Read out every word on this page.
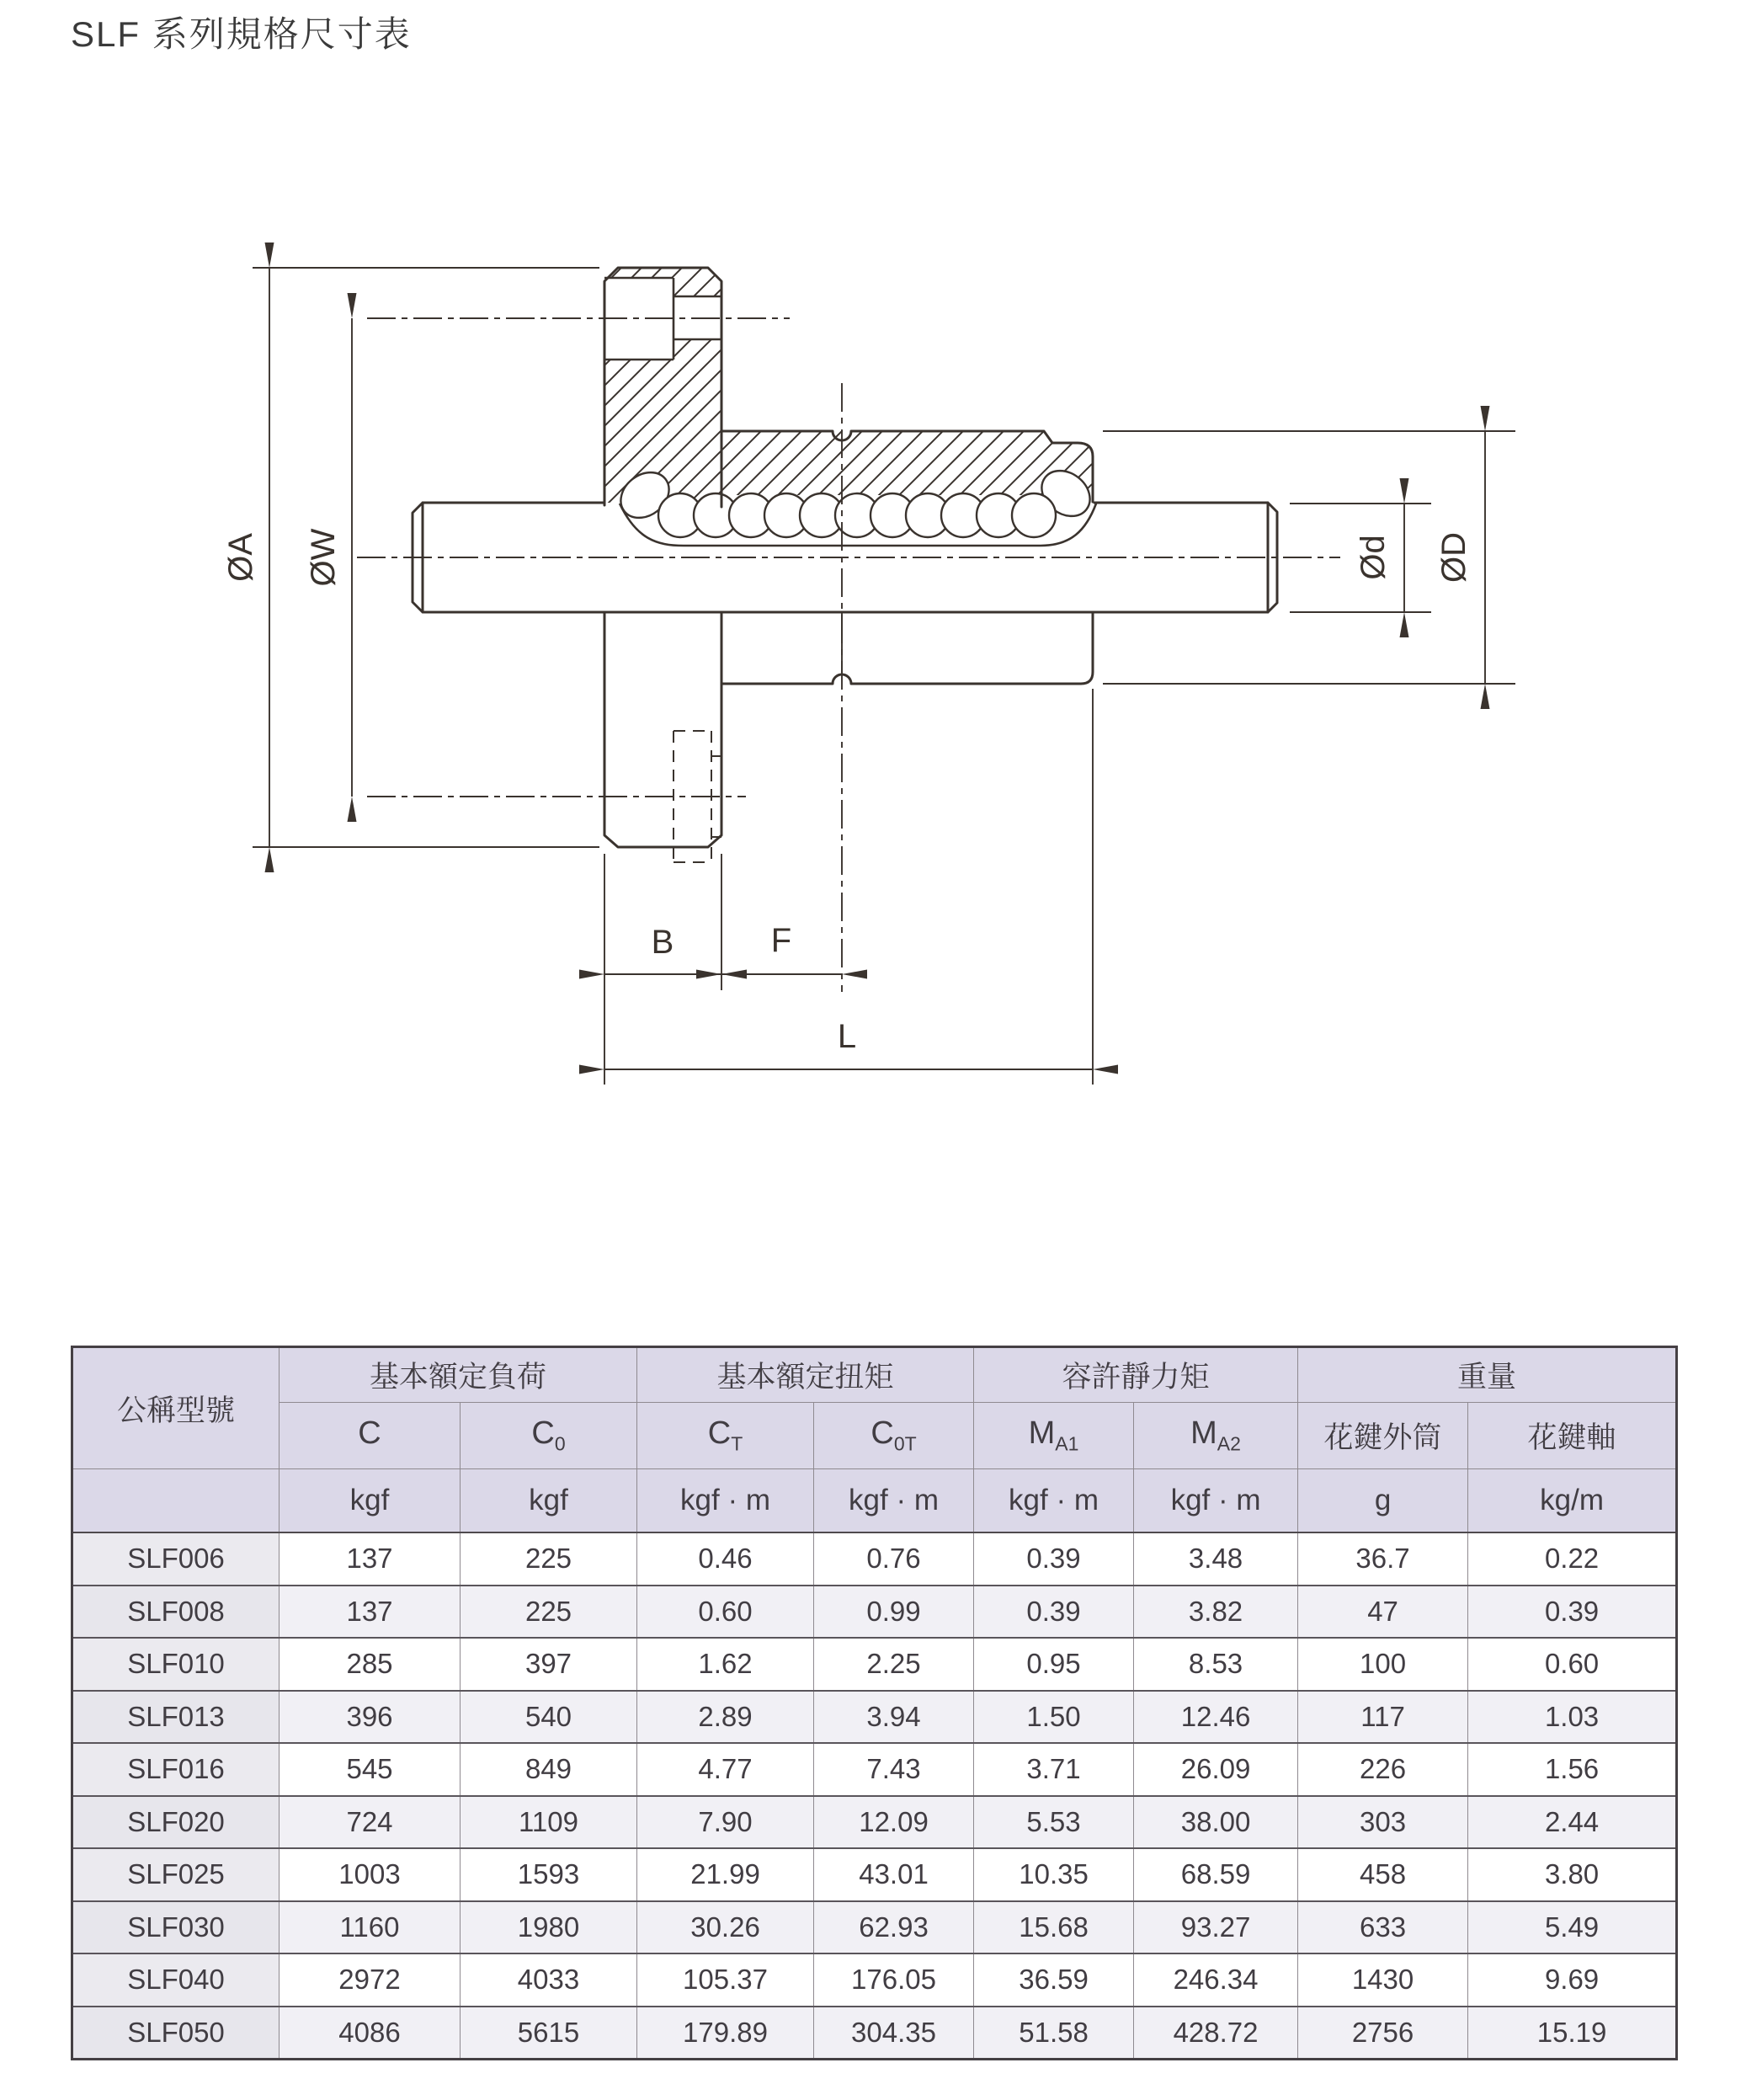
SLF 系列規格尺寸表
ØA ØW	Ød ØD
B	F
L
公稱型號	基本額定負荷		基本額定扭矩		容許靜力矩		重量	
	C	$C_0$	$C_T$	$C_{0T}$	$M_{A1}$	$M_{A2}$	花鍵外筒	花鍵軸
	kgf	kgf	kgf · m	kgf · m	kgf · m	kgf · m	g	kg/m
SLF006	137	225	0.46	0.76	0.39	3.48	36.7	0.22
SLF008	137	225	0.60	0.99	0.39	3.82	47	0.39
SLF010	285	397	1.62	2.25	0.95	8.53	100	0.60
SLF013	396	540	2.89	3.94	1.50	12.46	117	1.03
SLF016	545	849	4.77	7.43	3.71	26.09	226	1.56
SLF020	724	1109	7.90	12.09	5.53	38.00	303	2.44
SLF025	1003	1593	21.99	43.01	10.35	68.59	458	3.80
SLF030	1160	1980	30.26	62.93	15.68	93.27	633	5.49
SLF040	2972	4033	105.37	176.05	36.59	246.34	1430	9.69
SLF050	4086	5615	179.89	304.35	51.58	428.72	2756	15.19
